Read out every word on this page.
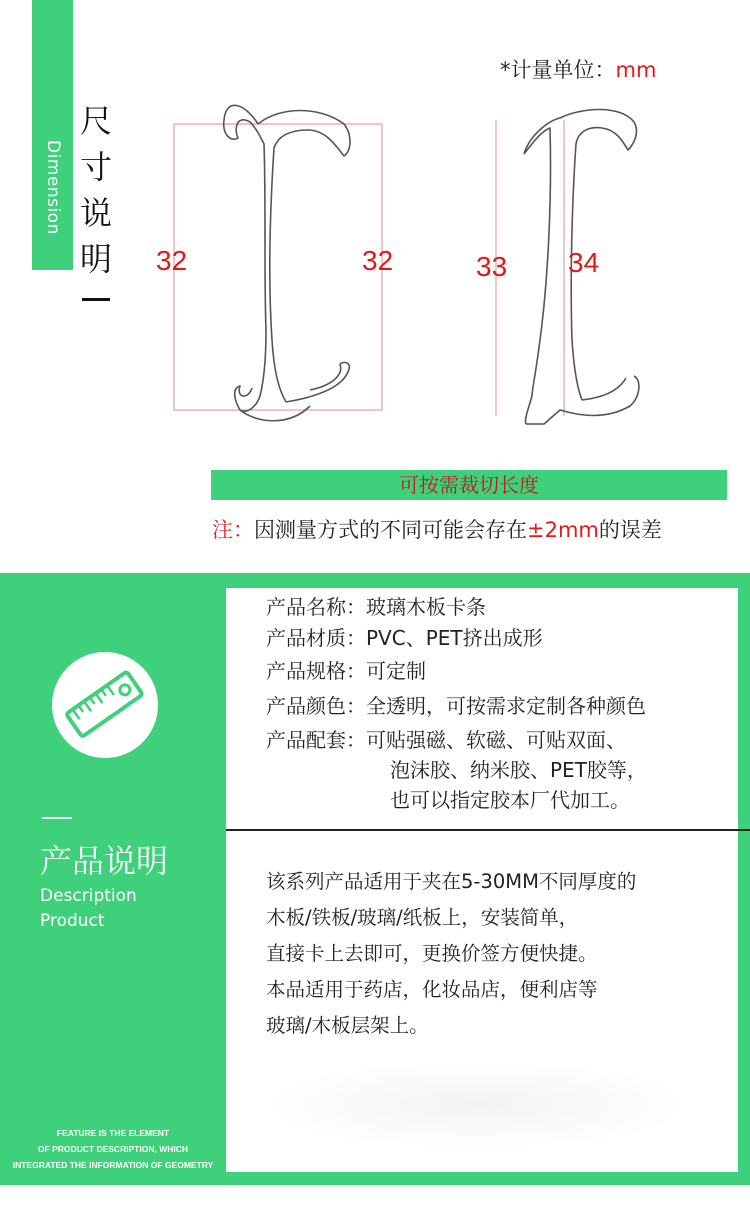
Dimension
尺寸说明
*计量单位：mm
32	32	33 34
可按需裁切长度
注：因测量方式的不同可能会存在±2mm的误差
产品说明
Description
Product
FEATURE IS THE ELEMENT
OF PRODUCT DESCRIPTION, WHICH
INTEGRATED THE INFORMATION OF GEOMETRY
产品名称：玻璃木板卡条
产品材质：PVC、PET挤出成形
产品规格：可定制
产品颜色：全透明，可按需求定制各种颜色
产品配套：可贴强磁、软磁、可贴双面、
泡沫胶、纳米胶、PET胶等，
也可以指定胶本厂代加工。
该系列产品适用于夹在5-30MM不同厚度的
木板/铁板/玻璃/纸板上，安装简单，
直接卡上去即可，更换价签方便快捷。
本品适用于药店，化妆品店，便利店等
玻璃/木板层架上。
